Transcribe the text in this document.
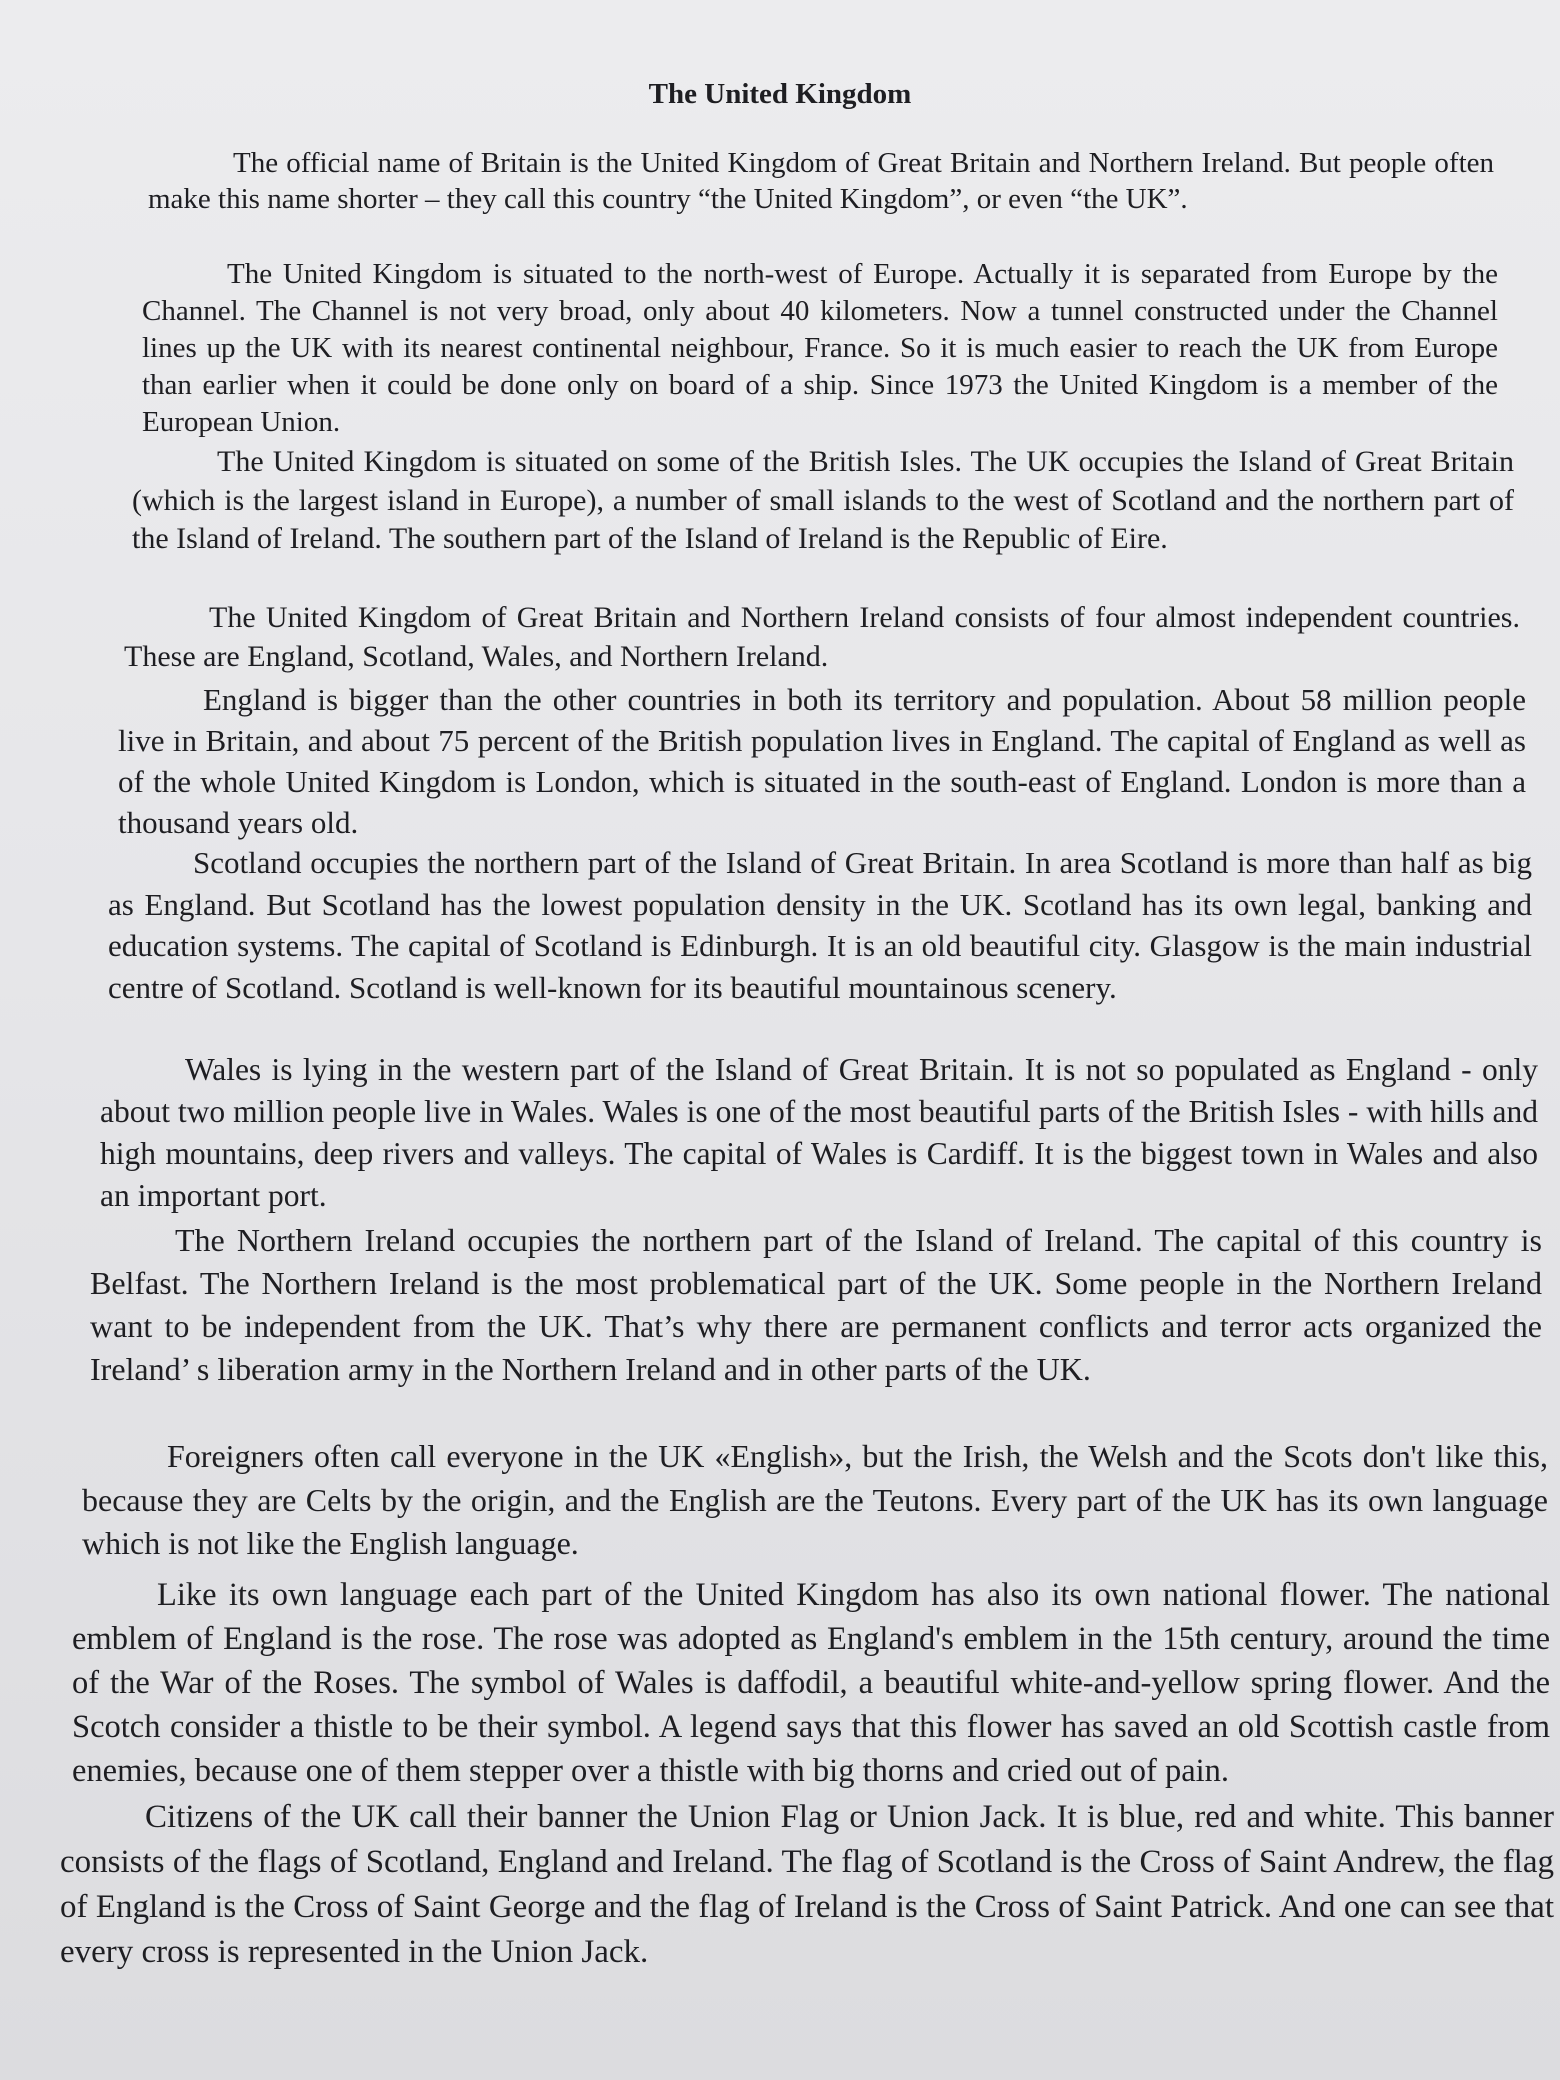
The United Kingdom

The official name of Britain is the United Kingdom of Great Britain and Northern Ireland. But people often make this name shorter – they call this country “the United Kingdom”, or even “the UK”.

The United Kingdom is situated to the north-west of Europe. Actually it is separated from Europe by the Channel. The Channel is not very broad, only about 40 kilometers. Now a tunnel constructed under the Channel lines up the UK with its nearest continental neighbour, France. So it is much easier to reach the UK from Europe than earlier when it could be done only on board of a ship. Since 1973 the United Kingdom is a member of the European Union.

The United Kingdom is situated on some of the British Isles. The UK occupies the Island of Great Britain (which is the largest island in Europe), a number of small islands to the west of Scotland and the northern part of the Island of Ireland. The southern part of the Island of Ireland is the Republic of Eire.

The United Kingdom of Great Britain and Northern Ireland consists of four almost independent countries. These are England, Scotland, Wales, and Northern Ireland.

England is bigger than the other countries in both its territory and population. About 58 million people live in Britain, and about 75 percent of the British population lives in England. The capital of England as well as of the whole United Kingdom is London, which is situated in the south-east of England. London is more than a thousand years old.

Scotland occupies the northern part of the Island of Great Britain. In area Scotland is more than half as big as England. But Scotland has the lowest population density in the UK. Scotland has its own legal, banking and education systems. The capital of Scotland is Edinburgh. It is an old beautiful city. Glasgow is the main industrial centre of Scotland. Scotland is well-known for its beautiful mountainous scenery.

Wales is lying in the western part of the Island of Great Britain. It is not so populated as England - only about two million people live in Wales. Wales is one of the most beautiful parts of the British Isles - with hills and high mountains, deep rivers and valleys. The capital of Wales is Cardiff. It is the biggest town in Wales and also an important port.

The Northern Ireland occupies the northern part of the Island of Ireland. The capital of this country is Belfast. The Northern Ireland is the most problematical part of the UK. Some people in the Northern Ireland want to be independent from the UK. That’s why there are permanent conflicts and terror acts organized the Ireland’ s liberation army in the Northern Ireland and in other parts of the UK.

Foreigners often call everyone in the UK «English», but the Irish, the Welsh and the Scots don't like this, because they are Celts by the origin, and the English are the Teutons. Every part of the UK has its own language which is not like the English language.

Like its own language each part of the United Kingdom has also its own national flower. The national emblem of England is the rose. The rose was adopted as England's emblem in the 15th century, around the time of the War of the Roses. The symbol of Wales is daffodil, a beautiful white-and-yellow spring flower. And the Scotch consider a thistle to be their symbol. A legend says that this flower has saved an old Scottish castle from enemies, because one of them stepper over a thistle with big thorns and cried out of pain.

Citizens of the UK call their banner the Union Flag or Union Jack. It is blue, red and white. This banner consists of the flags of Scotland, England and Ireland. The flag of Scotland is the Cross of Saint Andrew, the flag of England is the Cross of Saint George and the flag of Ireland is the Cross of Saint Patrick. And one can see that every cross is represented in the Union Jack.
